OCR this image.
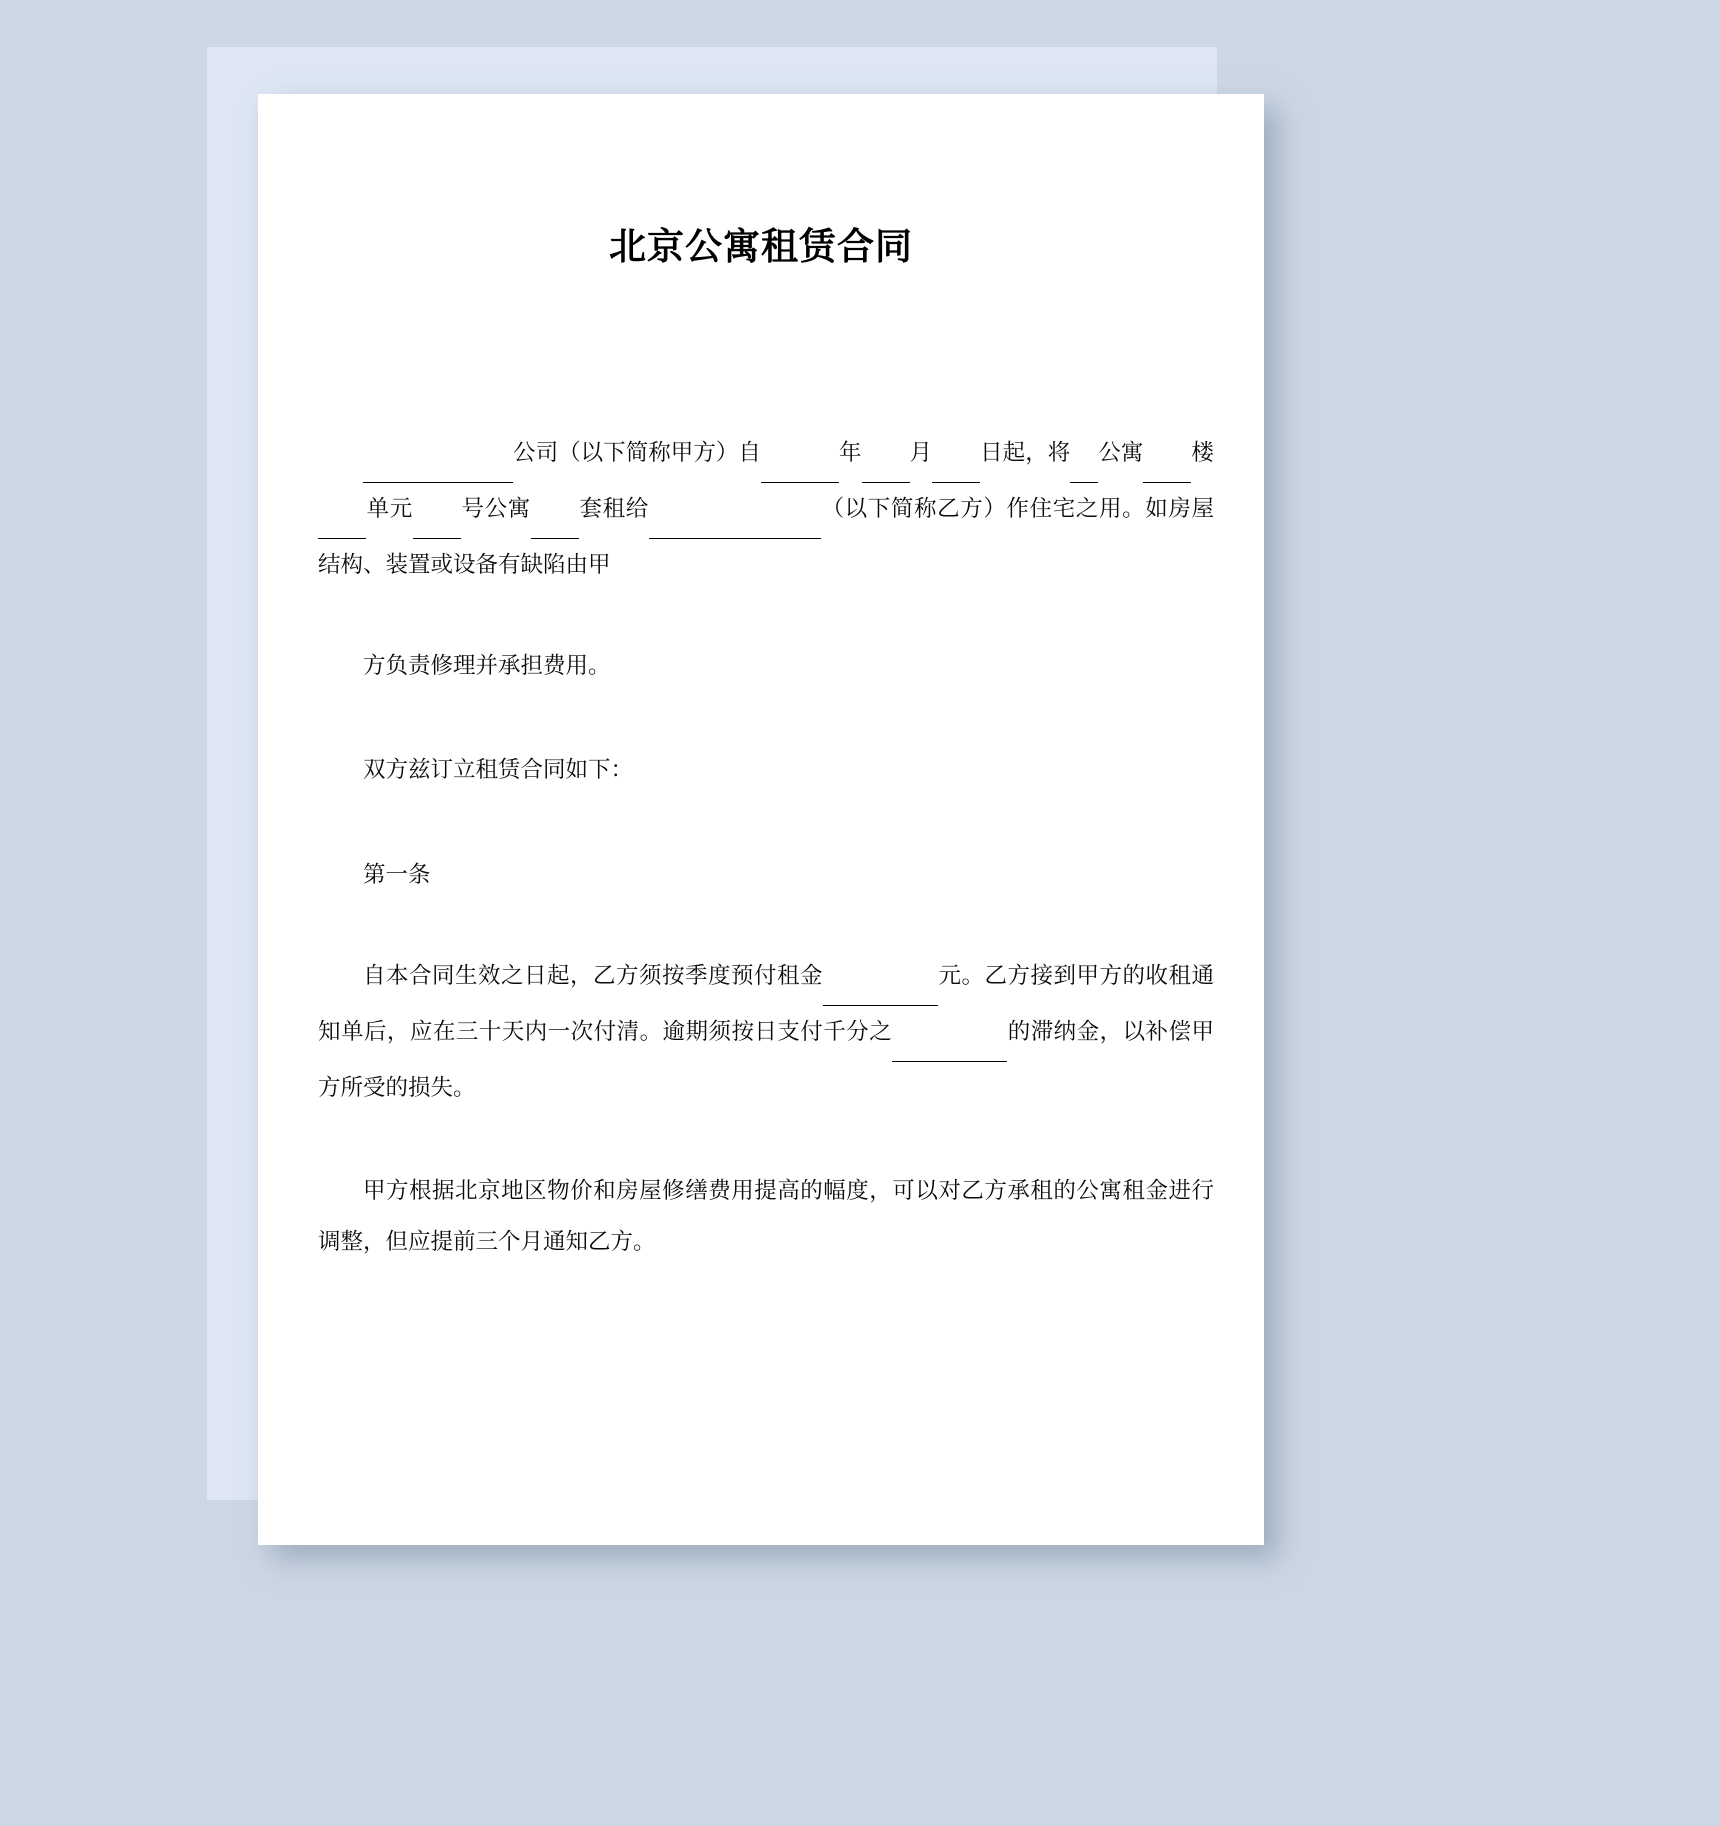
北京公寓租赁合同

公司（以下简称甲方）自	年 月 日起，将 公寓 楼 单元 号公寓 套租给	（以下简称乙方）作住宅之用。如房屋结构、装置或设备有缺陷由甲

方负责修理并承担费用。

双方兹订立租赁合同如下：

第一条

自本合同生效之日起，乙方须按季度预付租金	元。乙方接到甲方的收租通知单后，应在三十天内一次付清。逾期须按日支付千分之	的滞纳金，以补偿甲方所受的损失。

甲方根据北京地区物价和房屋修缮费用提高的幅度，可以对乙方承租的公寓租金进行调整，但应提前三个月通知乙方。
